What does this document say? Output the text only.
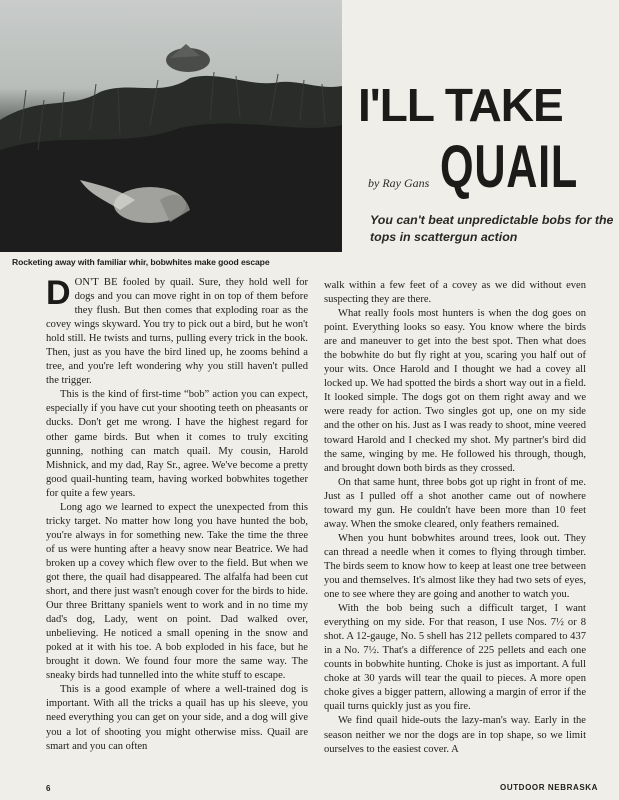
Rocketing away with familiar whir, bobwhites make good escape
I'LL TAKE
by Ray Gans QUAIL
You can't beat unpredictable bobs for the tops in scattergun action

DON'T BE fooled by quail. Sure, they hold well for dogs and you can move right in on top of them before they flush. But then comes that exploding roar as the covey wings skyward. You try to pick out a bird, but he won't hold still. He twists and turns, pulling every trick in the book. Then, just as you have the bird lined up, he zooms behind a tree, and you're left wondering why you still haven't pulled the trigger.

This is the kind of first-time “bob” action you can expect, especially if you have cut your shooting teeth on pheasants or ducks. Don't get me wrong. I have the highest regard for other game birds. But when it comes to truly exciting gunning, nothing can match quail. My cousin, Harold Mishnick, and my dad, Ray Sr., agree. We've become a pretty good quail-hunting team, having worked bobwhites together for quite a few years.

Long ago we learned to expect the unexpected from this tricky target. No matter how long you have hunted the bob, you're always in for something new. Take the time the three of us were hunting after a heavy snow near Beatrice. We had broken up a covey which flew over to the field. But when we got there, the quail had disappeared. The alfalfa had been cut short, and there just wasn't enough cover for the birds to hide. Our three Brittany spaniels went to work and in no time my dad's dog, Lady, went on point. Dad walked over, unbelieving. He noticed a small opening in the snow and poked at it with his toe. A bob exploded in his face, but he brought it down. We found four more the same way. The sneaky birds had tunnelled into the white stuff to escape.

This is a good example of where a well-trained dog is important. With all the tricks a quail has up his sleeve, you need everything you can get on your side, and a dog will give you a lot of shooting you might otherwise miss. Quail are smart and you can often

walk within a few feet of a covey as we did without even suspecting they are there.

What really fools most hunters is when the dog goes on point. Everything looks so easy. You know where the birds are and maneuver to get into the best spot. Then what does the bobwhite do but fly right at you, scaring you half out of your wits. Once Harold and I thought we had a covey all locked up. We had spotted the birds a short way out in a field. It looked simple. The dogs got on them right away and we were ready for action. Two singles got up, one on my side and the other on his. Just as I was ready to shoot, mine veered toward Harold and I checked my shot. My partner's bird did the same, winging by me. He followed his through, though, and brought down both birds as they crossed.

On that same hunt, three bobs got up right in front of me. Just as I pulled off a shot another came out of nowhere toward my gun. He couldn't have been more than 10 feet away. When the smoke cleared, only feathers remained.

When you hunt bobwhites around trees, look out. They can thread a needle when it comes to flying through timber. The birds seem to know how to keep at least one tree between you and themselves. It's almost like they had two sets of eyes, one to see where they are going and another to watch you.

With the bob being such a difficult target, I want everything on my side. For that reason, I use Nos. 7½ or 8 shot. A 12-gauge, No. 5 shell has 212 pellets compared to 437 in a No. 7½. That's a difference of 225 pellets and each one counts in bobwhite hunting. Choke is just as important. A full choke at 30 yards will tear the quail to pieces. A more open choke gives a bigger pattern, allowing a margin of error if the quail turns quickly just as you fire.

We find quail hide-outs the lazy-man's way. Early in the season neither we nor the dogs are in top shape, so we limit ourselves to the easiest cover. A

6	OUTDOOR NEBRASKA
